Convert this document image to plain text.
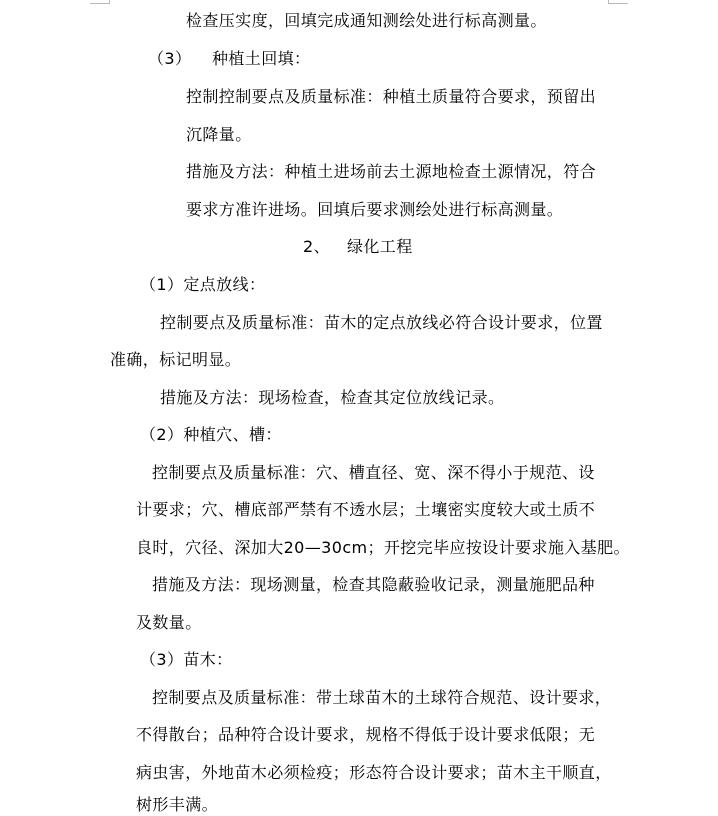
检查压实度，回填完成通知测绘处进行标高测量。
（3） 种植土回填：
控制控制要点及质量标准：种植土质量符合要求，预留出
沉降量。
措施及方法：种植土进场前去土源地检查土源情况，符合
要求方准许进场。回填后要求测绘处进行标高测量。
2、 绿化工程
（1）定点放线：
控制要点及质量标准：苗木的定点放线必符合设计要求，位置
准确，标记明显。
措施及方法：现场检查，检查其定位放线记录。
（2）种植穴、槽：
控制要点及质量标准：穴、槽直径、宽、深不得小于规范、设
计要求；穴、槽底部严禁有不透水层；土壤密实度较大或土质不
良时，穴径、深加大20—30cm；开挖完毕应按设计要求施入基肥。
措施及方法：现场测量，检查其隐蔽验收记录，测量施肥品种
及数量。
（3）苗木：
控制要点及质量标准：带土球苗木的土球符合规范、设计要求，
不得散台；品种符合设计要求，规格不得低于设计要求低限；无
病虫害，外地苗木必须检疫；形态符合设计要求；苗木主干顺直，
树形丰满。
